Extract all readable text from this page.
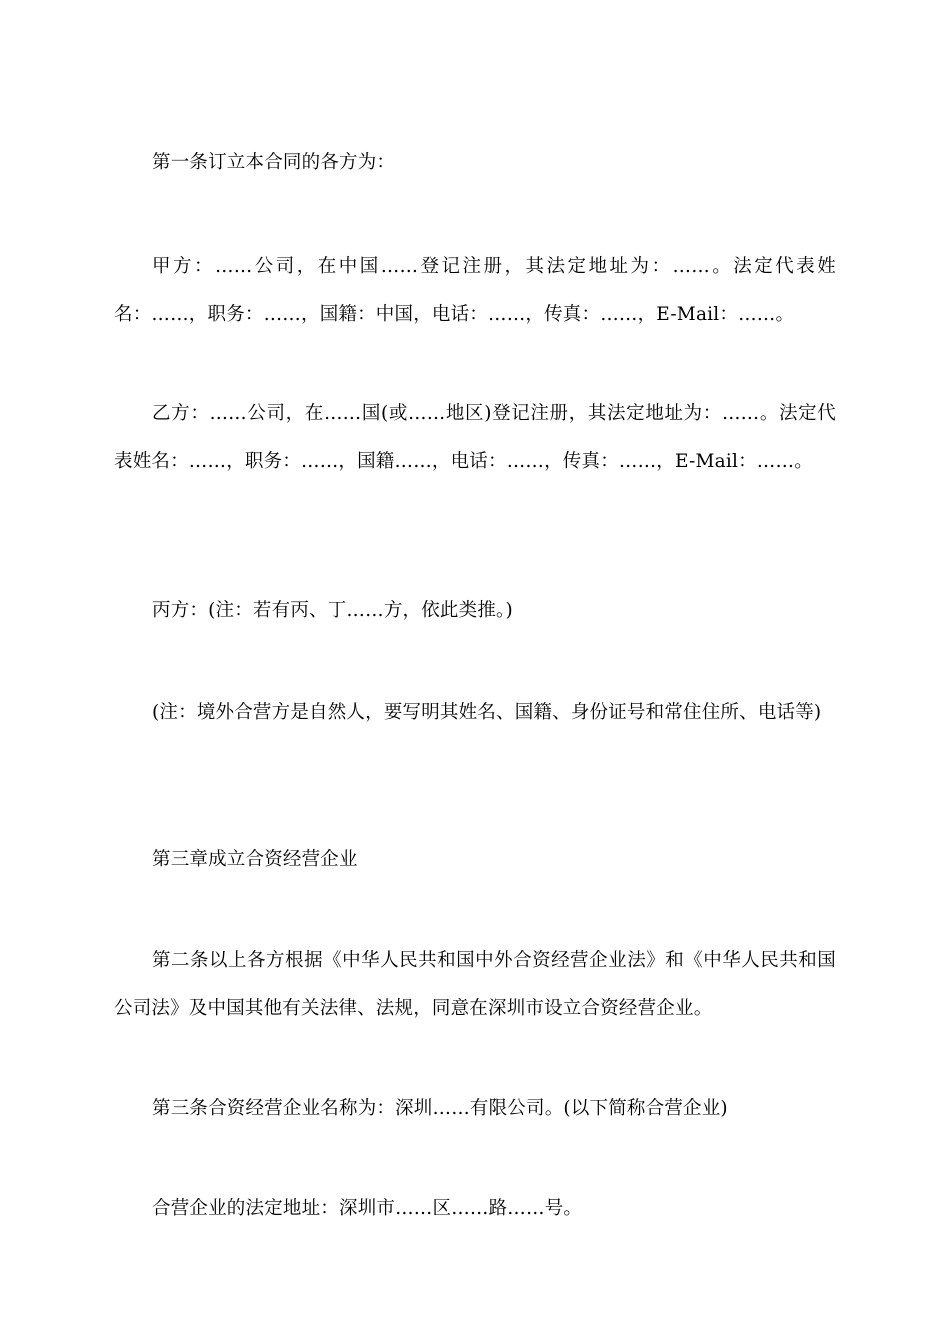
第一条订立本合同的各方为：

甲方：……公司，在中国……登记注册，其法定地址为：……。法定代表姓名：……，职务：……，国籍：中国，电话：……，传真：……，E-Mail：……。

乙方：……公司，在……国(或……地区)登记注册，其法定地址为：……。法定代表姓名：……，职务：……，国籍……，电话：……，传真：……，E-Mail：……。

丙方：(注：若有丙、丁……方，依此类推。)

(注：境外合营方是自然人，要写明其姓名、国籍、身份证号和常住住所、电话等)

第三章成立合资经营企业

第二条以上各方根据《中华人民共和国中外合资经营企业法》和《中华人民共和国公司法》及中国其他有关法律、法规，同意在深圳市设立合资经营企业。

第三条合资经营企业名称为：深圳……有限公司。(以下简称合营企业)

合营企业的法定地址：深圳市……区……路……号。
